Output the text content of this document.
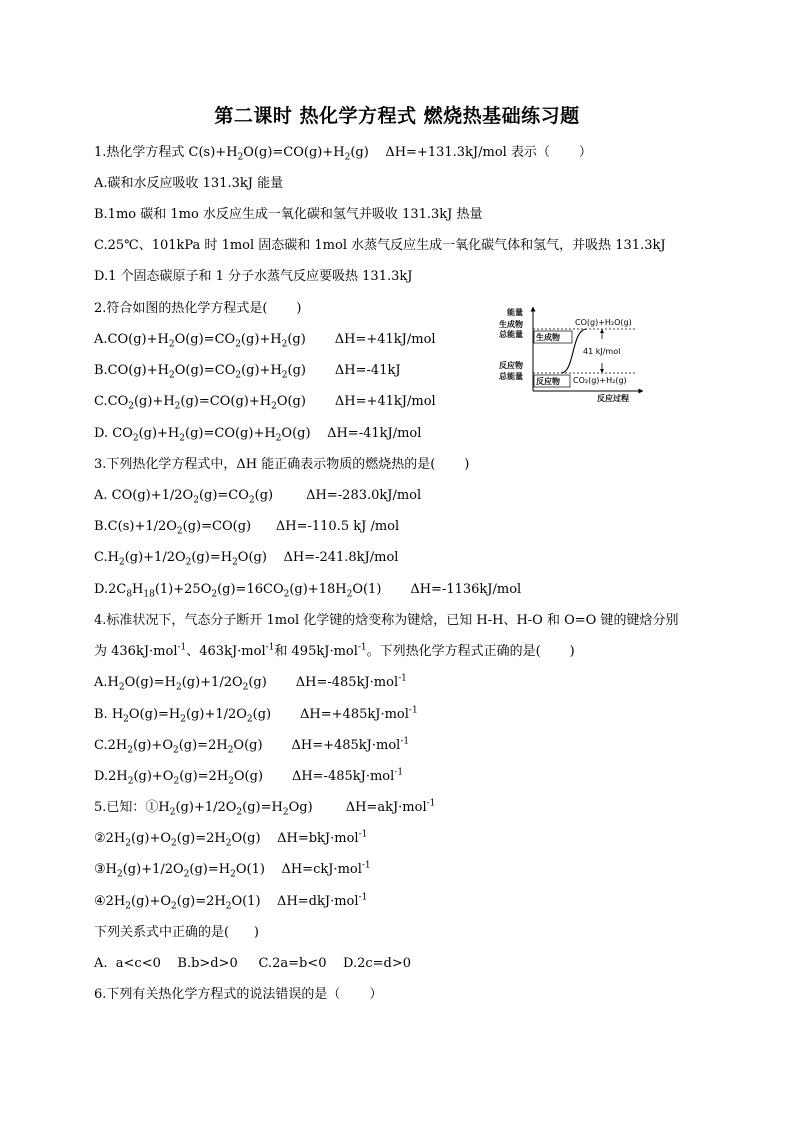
第二课时 热化学方程式 燃烧热基础练习题
1.热化学方程式 $C(s)+H_2O(g)=CO(g)+H_2(g)$    ΔH=+131.3kJ/mol 表示（       ）
A.碳和水反应吸收 131.3kJ 能量
B.1mo 碳和 1mo 水反应生成一氧化碳和氢气并吸收 131.3kJ 热量
C.25℃、101kPa 时 1mol 固态碳和 1mol 水蒸气反应生成一氧化碳气体和氢气，并吸热 131.3kJ
D.1 个固态碳原子和 1 分子水蒸气反应要吸热 131.3kJ
2.符合如图的热化学方程式是(       )
$A.CO(g)+H_2O(g)=CO_2(g)+H_2(g)$       ΔH=+41kJ/mol
$B.CO(g)+H_2O(g)=CO_2(g)+H_2(g)$       ΔH=-41kJ
$C.CO_2(g)+H_2(g)=CO(g)+H_2O(g)$       ΔH=+41kJ/mol
D. $CO_2(g)+H_2(g)=CO(g)+H_2O(g)$    ΔH=-41kJ/mol
3.下列热化学方程式中，ΔH 能正确表示物质的燃烧热的是(       )
A. $CO(g)+1/2O_2(g)=CO_2(g)$        ΔH=-283.0kJ/mol
$B.C(s)+1/2O_2(g)=CO(g)$      ΔH=-110.5 kJ /mol
$C.H_2(g)+1/2O_2(g)=H_2O(g)$    ΔH=-241.8kJ/mol
$D.2C_8H_{18}(1)+25O_2(g)=16CO_2(g)+18H_2O(1)$       ΔH=-1136kJ/mol
4.标准状况下，气态分子断开 1mol 化学键的焓变称为键焓，已知 H-H、H-O 和 O=O 键的键焓分别
为 436kJ·mol$^{-1}$、463kJ·mol$^{-1}$和 495kJ·mol$^{-1}$。下列热化学方程式正确的是(       )
$A.H_2O(g)=H_2(g)+1/2O_2(g)$       ΔH=-485kJ·mol$^{-1}$
B. $H_2O(g)=H_2(g)+1/2O_2(g)$       ΔH=+485kJ·mol$^{-1}$
$C.2H_2(g)+O_2(g)=2H_2O(g)$       ΔH=+485kJ·mol$^{-1}$
$D.2H_2(g)+O_2(g)=2H_2O(g)$       ΔH=-485kJ·mol$^{-1}$
5.已知：$①H_2(g)+1/2O_2(g)=H_2Og$)        ΔH=akJ·mol$^{-1}$
$②2H_2(g)+O_2(g)=2H_2O(g)$    ΔH=bkJ·mol$^{-1}$
$③H_2(g)+1/2O_2(g)=H_2O(1)$    ΔH=ckJ·mol$^{-1}$
$④2H_2(g)+O_2(g)=2H_2O(1)$    ΔH=dkJ·mol$^{-1}$
下列关系式中正确的是(      )
A.  a<c<0    B.b>d>0     C.2a=b<0    D.2c=d>0
6.下列有关热化学方程式的说法错误的是（       ）
能量
生成物
总能量
反应物
总能量
生成物
反应物
CO(g)+H₂O(g)
CO₂(g)+H₂(g)
41 kJ/mol
反应过程
